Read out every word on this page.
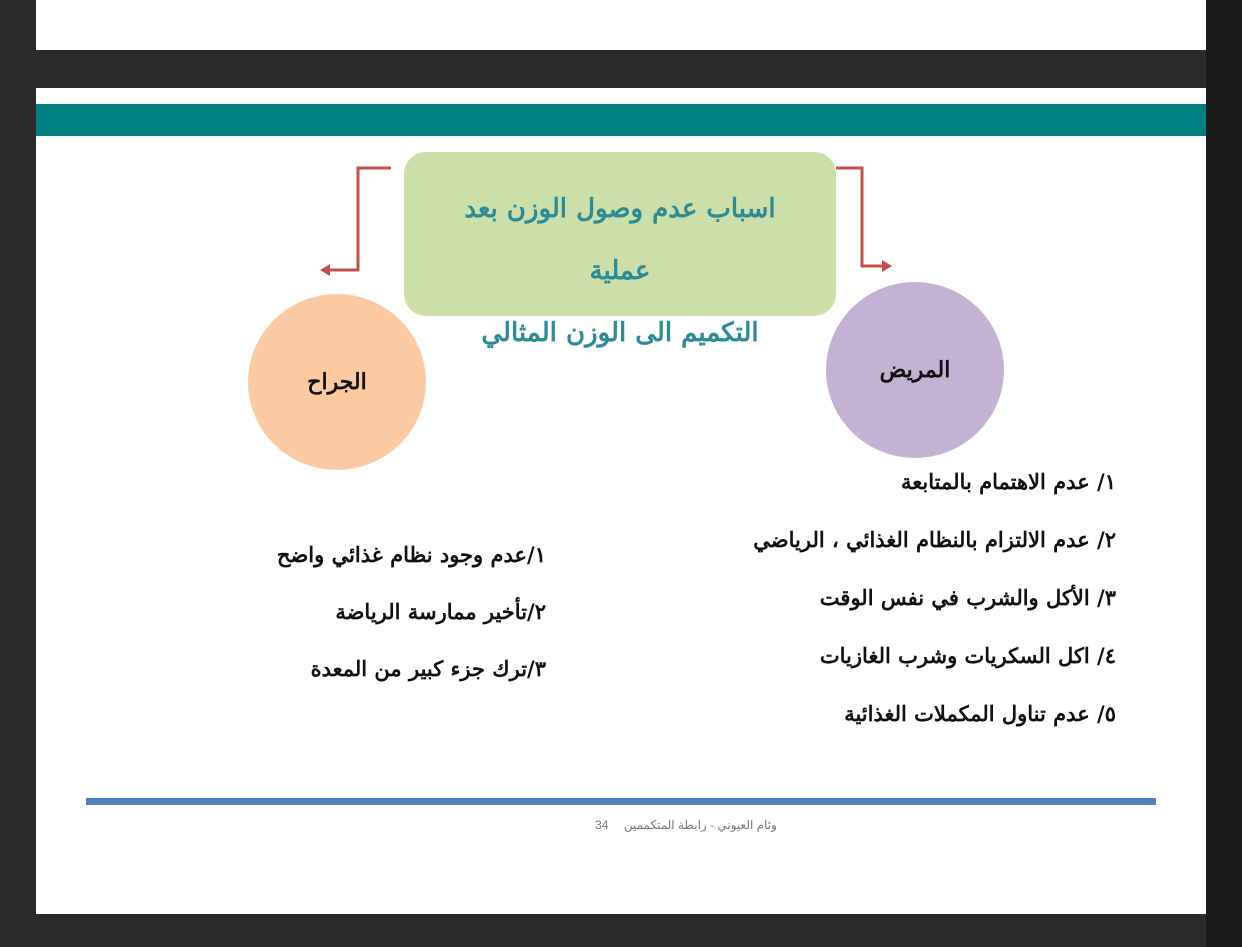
اسباب عدم وصول الوزن بعد عملية
التكميم الى الوزن المثالي
الجراح	المريض
١/ عدم الاهتمام بالمتابعة
٢/ عدم الالتزام بالنظام الغذائي ، الرياضي
٣/ الأكل والشرب في نفس الوقت
٤/ اكل السكريات وشرب الغازيات
٥/ عدم تناول المكملات الغذائية
١/عدم وجود نظام غذائي واضح
٢/تأخير ممارسة الرياضة
٣/ترك جزء كبير من المعدة
وئام العيوني - رابطة المتكممين 34
